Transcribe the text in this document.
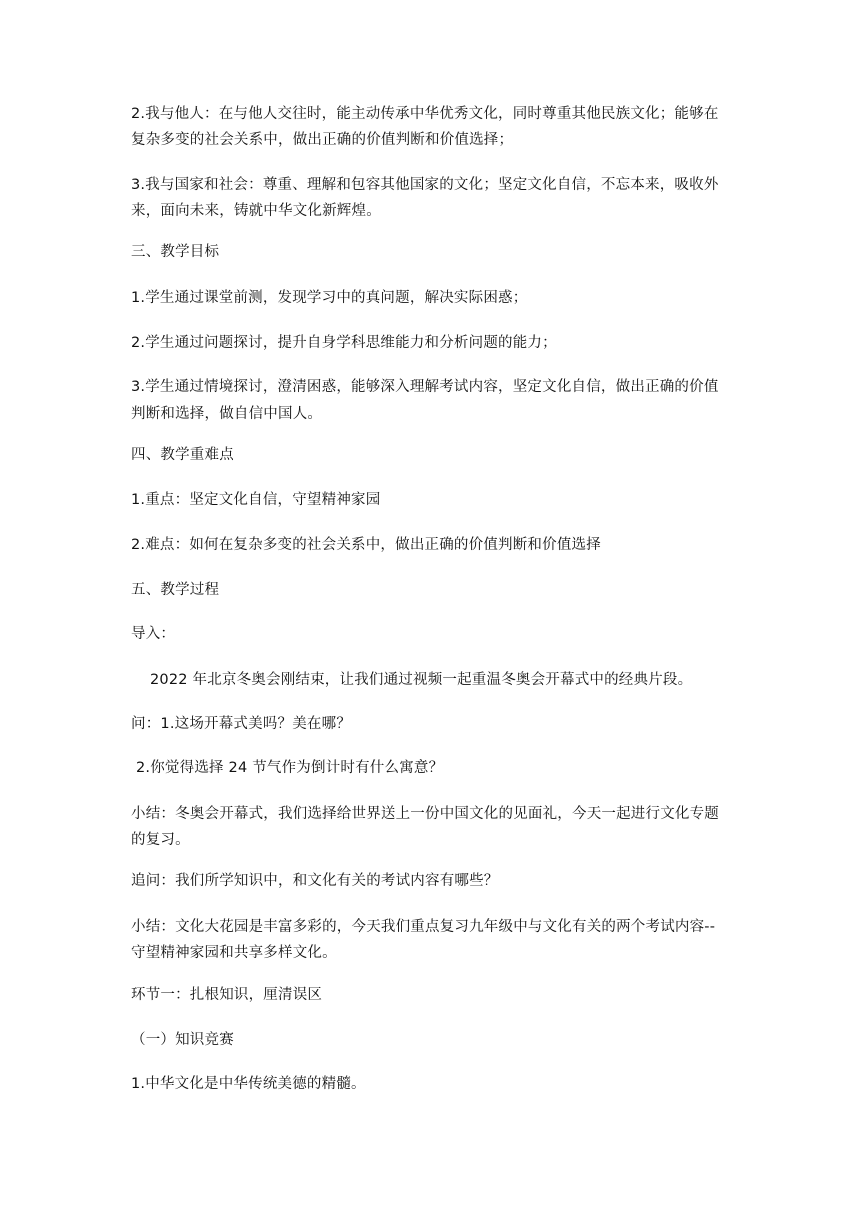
2.我与他人：在与他人交往时，能主动传承中华优秀文化，同时尊重其他民族文化；能够在
复杂多变的社会关系中，做出正确的价值判断和价值选择；
3.我与国家和社会：尊重、理解和包容其他国家的文化；坚定文化自信，不忘本来，吸收外
来，面向未来，铸就中华文化新辉煌。
三、教学目标
1.学生通过课堂前测，发现学习中的真问题，解决实际困惑；
2.学生通过问题探讨，提升自身学科思维能力和分析问题的能力；
3.学生通过情境探讨，澄清困惑，能够深入理解考试内容，坚定文化自信，做出正确的价值
判断和选择，做自信中国人。
四、教学重难点
1.重点：坚定文化自信，守望精神家园
2.难点：如何在复杂多变的社会关系中，做出正确的价值判断和价值选择
五、教学过程
导入：
2022 年北京冬奥会刚结束，让我们通过视频一起重温冬奥会开幕式中的经典片段。
问：1.这场开幕式美吗？美在哪？
2.你觉得选择 24 节气作为倒计时有什么寓意？
小结：冬奥会开幕式，我们选择给世界送上一份中国文化的见面礼，今天一起进行文化专题
的复习。
追问：我们所学知识中，和文化有关的考试内容有哪些？
小结：文化大花园是丰富多彩的，今天我们重点复习九年级中与文化有关的两个考试内容--
守望精神家园和共享多样文化。
环节一：扎根知识，厘清误区
（一）知识竞赛
1.中华文化是中华传统美德的精髓。
